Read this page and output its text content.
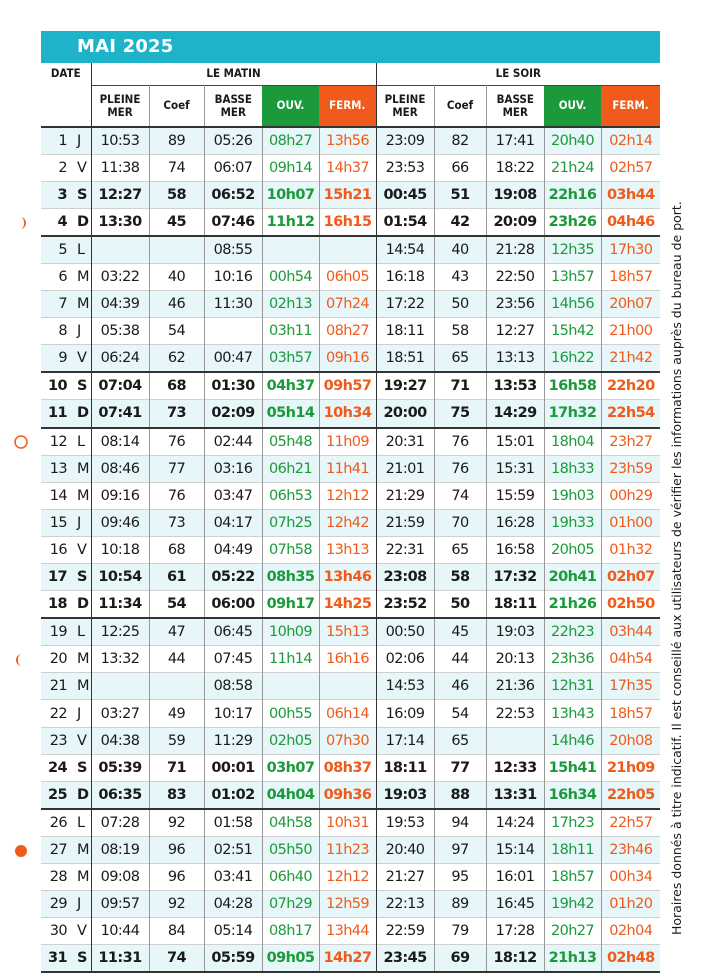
MAI 2025
DATE		LE MATIN					LE SOIR				
		PLEINE MER	Coef	BASSE MER	OUV.	FERM.	PLEINE MER	Coef	BASSE MER	OUV.	FERM.
1	J	10:53	89	05:26	08h27	13h56	23:09	82	17:41	20h40	02h14
2	V	11:38	74	06:07	09h14	14h37	23:53	66	18:22	21h24	02h57
3	S	12:27	58	06:52	10h07	15h21	00:45	51	19:08	22h16	03h44
4	D	13:30	45	07:46	11h12	16h15	01:54	42	20:09	23h26	04h46
5	L			08:55			14:54	40	21:28	12h35	17h30
6	M	03:22	40	10:16	00h54	06h05	16:18	43	22:50	13h57	18h57
7	M	04:39	46	11:30	02h13	07h24	17:22	50	23:56	14h56	20h07
8	J	05:38	54		03h11	08h27	18:11	58	12:27	15h42	21h00
9	V	06:24	62	00:47	03h57	09h16	18:51	65	13:13	16h22	21h42
10	S	07:04	68	01:30	04h37	09h57	19:27	71	13:53	16h58	22h20
11	D	07:41	73	02:09	05h14	10h34	20:00	75	14:29	17h32	22h54
12	L	08:14	76	02:44	05h48	11h09	20:31	76	15:01	18h04	23h27
13	M	08:46	77	03:16	06h21	11h41	21:01	76	15:31	18h33	23h59
14	M	09:16	76	03:47	06h53	12h12	21:29	74	15:59	19h03	00h29
15	J	09:46	73	04:17	07h25	12h42	21:59	70	16:28	19h33	01h00
16	V	10:18	68	04:49	07h58	13h13	22:31	65	16:58	20h05	01h32
17	S	10:54	61	05:22	08h35	13h46	23:08	58	17:32	20h41	02h07
18	D	11:34	54	06:00	09h17	14h25	23:52	50	18:11	21h26	02h50
19	L	12:25	47	06:45	10h09	15h13	00:50	45	19:03	22h23	03h44
20	M	13:32	44	07:45	11h14	16h16	02:06	44	20:13	23h36	04h54
21	M			08:58			14:53	46	21:36	12h31	17h35
22	J	03:27	49	10:17	00h55	06h14	16:09	54	22:53	13h43	18h57
23	V	04:38	59	11:29	02h05	07h30	17:14	65		14h46	20h08
24	S	05:39	71	00:01	03h07	08h37	18:11	77	12:33	15h41	21h09
25	D	06:35	83	01:02	04h04	09h36	19:03	88	13:31	16h34	22h05
26	L	07:28	92	01:58	04h58	10h31	19:53	94	14:24	17h23	22h57
27	M	08:19	96	02:51	05h50	11h23	20:40	97	15:14	18h11	23h46
28	M	09:08	96	03:41	06h40	12h12	21:27	95	16:01	18h57	00h34
29	J	09:57	92	04:28	07h29	12h59	22:13	89	16:45	19h42	01h20
30	V	10:44	84	05:14	08h17	13h44	22:59	79	17:28	20h27	02h04
31	S	11:31	74	05:59	09h05	14h27	23:45	69	18:12	21h13	02h48
Horaires donnés à titre indicatif. Il est conseillé aux utilisateurs de vérifier les informations auprès du bureau de port.
